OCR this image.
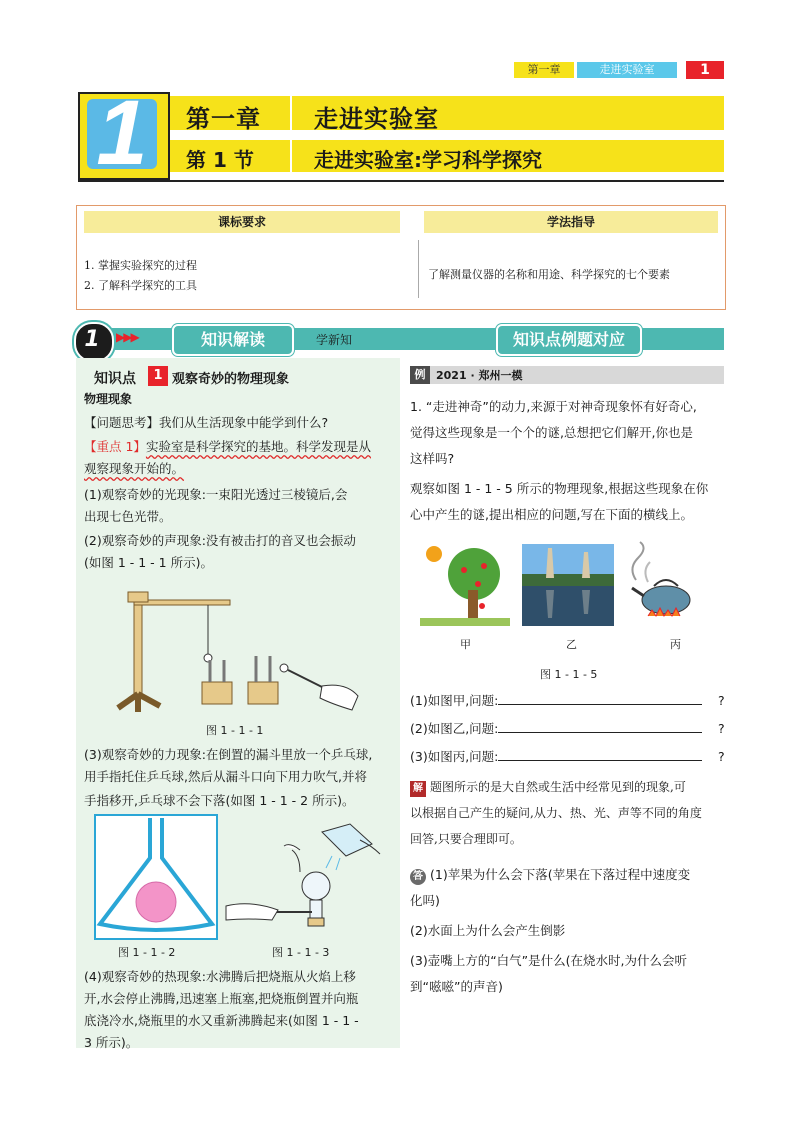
第一章	走进实验室	1
1	第一章 走进实验室
第 1 节	走进实验室:学习科学探究
课标要求	学法指导
1. 掌握实验探究的过程
2. 了解科学探究的工具
了解测量仪器的名称和用途、科学探究的七个要素
1	▶▶▶	知识解读	学新知	知识点例题对应
知识点	1 观察奇妙的物理现象
物理现象
【问题思考】我们从生活现象中能学到什么?
【重点 1】实验室是科学探究的基地。科学发现是从
观察现象开始的。
(1)观察奇妙的光现象:一束阳光透过三棱镜后,会
出现七色光带。
(2)观察奇妙的声现象:没有被击打的音叉也会振动
(如图 1 - 1 - 1 所示)。
图 1 - 1 - 1
(3)观察奇妙的力现象:在倒置的漏斗里放一个乒乓球,
用手指托住乒乓球,然后从漏斗口向下用力吹气,并将
手指移开,乒乓球不会下落(如图 1 - 1 - 2 所示)。
图 1 - 1 - 2	图 1 - 1 - 3
(4)观察奇妙的热现象:水沸腾后把烧瓶从火焰上移
开,水会停止沸腾,迅速塞上瓶塞,把烧瓶倒置并向瓶
底浇冷水,烧瓶里的水又重新沸腾起来(如图 1 - 1 -
3 所示)。
例 2021 · 郑州一模
1. “走进神奇”的动力,来源于对神奇现象怀有好奇心,
觉得这些现象是一个个的谜,总想把它们解开,你也是
这样吗?
观察如图 1 - 1 - 5 所示的物理现象,根据这些现象在你
心中产生的谜,提出相应的问题,写在下面的横线上。
甲	乙	丙
图 1 - 1 - 5
(1)如图甲,问题:	?
(2)如图乙,问题:	?
(3)如图丙,问题:	?
解 题图所示的是大自然或生活中经常见到的现象,可
以根据自己产生的疑问,从力、热、光、声等不同的角度
回答,只要合理即可。
答 (1)苹果为什么会下落(苹果在下落过程中速度变
化吗)
(2)水面上为什么会产生倒影
(3)壶嘴上方的“白气”是什么(在烧水时,为什么会听
到“嗞嗞”的声音)
